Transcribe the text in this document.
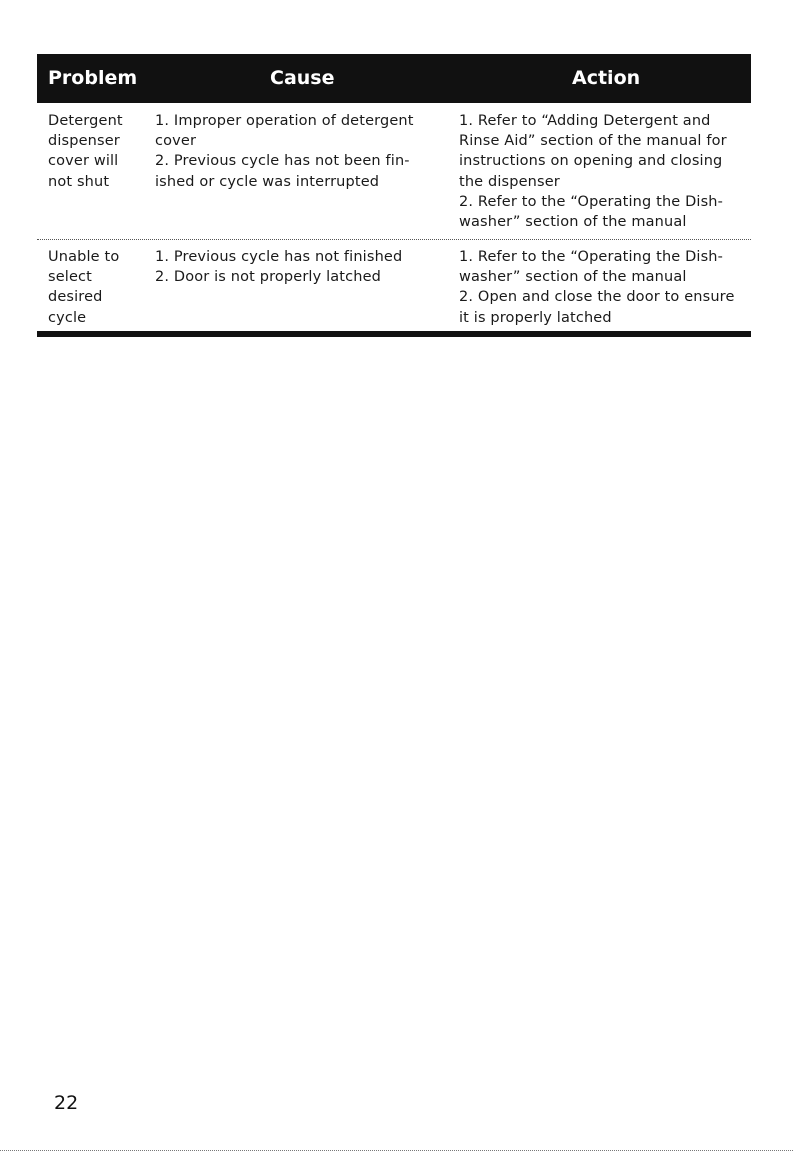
Problem	Cause	Action
Detergent
dispenser
cover will
not shut
1. Improper operation of detergent
cover
2. Previous cycle has not been fin-
ished or cycle was interrupted
1. Refer to “Adding Detergent and
Rinse Aid” section of the manual for
instructions on opening and closing
the dispenser
2. Refer to the “Operating the Dish-
washer” section of the manual
Unable to
select
desired
cycle
1. Previous cycle has not finished
2. Door is not properly latched
1. Refer to the “Operating the Dish-
washer” section of the manual
2. Open and close the door to ensure
it is properly latched
22
